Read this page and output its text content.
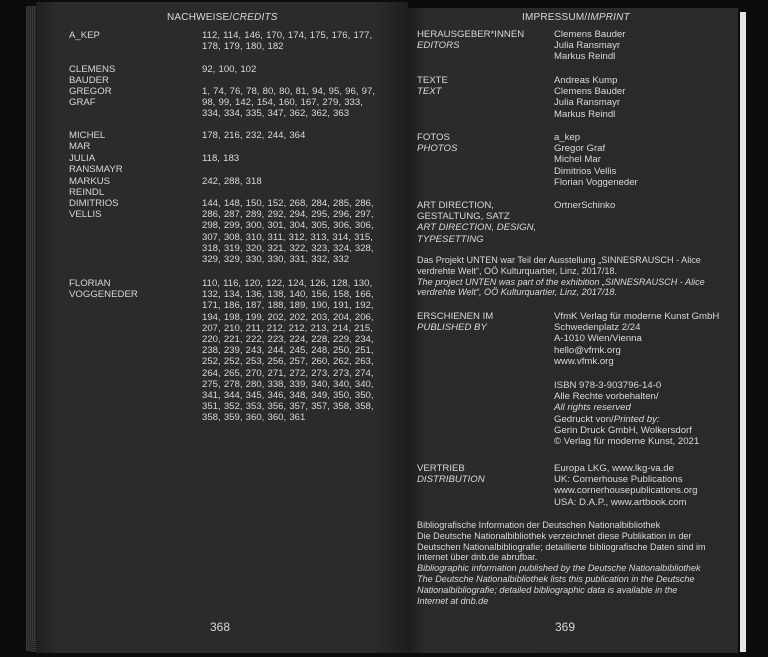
NACHWEISE/CREDITS
A_KEP	112, 114, 146, 170, 174, 175, 176, 177, 178, 179, 180, 182
CLEMENS BAUDER
92, 100, 102
GREGOR GRAF
1, 74, 76, 78, 80, 80, 81, 94, 95, 96, 97, 98, 99, 142, 154, 160, 167, 279, 333, 334, 334, 335, 347, 362, 362, 363
MICHEL MAR
178, 216, 232, 244, 364
JULIA RANSMAYR
118, 183
MARKUS REINDL
242, 288, 318
DIMITRIOS VELLIS
144, 148, 150, 152, 268, 284, 285, 286, 286, 287, 289, 292, 294, 295, 296, 297, 298, 299, 300, 301, 304, 305, 306, 306, 307, 308, 310, 311, 312, 313, 314, 315, 318, 319, 320, 321, 322, 323, 324, 328, 329, 329, 330, 330, 331, 332, 332
FLORIAN VOGGENEDER
110, 116, 120, 122, 124, 126, 128, 130, 132, 134, 136, 138, 140, 156, 158, 166, 171, 186, 187, 188, 189, 190, 191, 192, 194, 198, 199, 202, 202, 203, 204, 206, 207, 210, 211, 212, 212, 213, 214, 215, 220, 221, 222, 223, 224, 228, 229, 234, 238, 239, 243, 244, 245, 248, 250, 251, 252, 252, 253, 256, 257, 260, 262, 263, 264, 265, 270, 271, 272, 273, 273, 274, 275, 278, 280, 338, 339, 340, 340, 340, 341, 344, 345, 346, 348, 349, 350, 350, 351, 352, 353, 356, 357, 357, 358, 358, 358, 359, 360, 360, 361
368
IMPRESSUM/IMPRINT
HERAUSGEBER*INNEN
EDITORS
Clemens Bauder
Julia Ransmayr
Markus Reindl
TEXTE
TEXT
Andreas Kump
Clemens Bauder
Julia Ransmayr
Markus Reindl
FOTOS
PHOTOS
a_kep
Gregor Graf
Michel Mar
Dimitrios Vellis
Florian Voggeneder
ART DIRECTION,
GESTALTUNG, SATZ
ART DIRECTION, DESIGN,
TYPESETTING
OrtnerSchinko
Das Projekt UNTEN war Teil der Ausstellung „SINNESRAUSCH - Alice
verdrehte Welt“, OÖ Kulturquartier, Linz, 2017/18.
The project UNTEN was part of the exhibition „SINNESRAUSCH - Alice
verdrehte Welt“, OÖ Kulturquartier, Linz, 2017/18.
ERSCHIENEN IM
PUBLISHED BY
VfmK Verlag für moderne Kunst GmbH
Schwedenplatz 2/24
A-1010 Wien/Vienna
hello@vfmk.org
www.vfmk.org
ISBN 978-3-903796-14-0
Alle Rechte vorbehalten/
All rights reserved
Gedruckt von/Printed by:
Gerin Druck GmbH, Wolkersdorf
© Verlag für moderne Kunst, 2021
VERTRIEB
DISTRIBUTION
Europa LKG, www.lkg-va.de
UK: Cornerhouse Publications
www.cornerhousepublications.org
USA: D.A.P., www.artbook.com
Bibliografische Information der Deutschen Nationalbibliothek
Die Deutsche Nationalbibliothek verzeichnet diese Publikation in der
Deutschen Nationalbibliografie; detaillierte bibliografische Daten sind im
Internet über dnb.de abrufbar.
Bibliographic information published by the Deutsche Nationalbibliothek
The Deutsche Nationalbibliothek lists this publication in the Deutsche
Nationalbibliografie; detailed bibliographic data is available in the
Internet at dnb.de
369
